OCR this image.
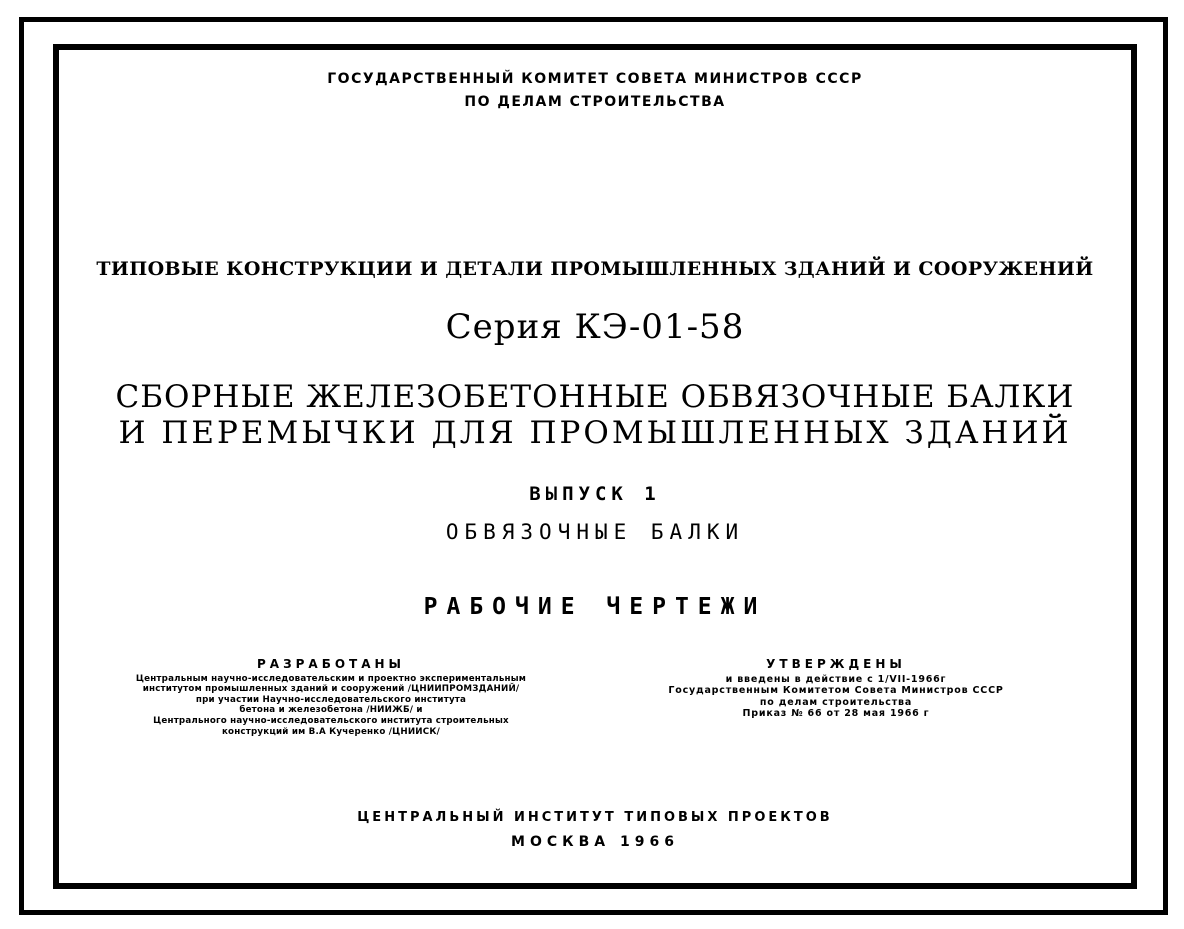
ГОСУДАРСТВЕННЫЙ КОМИТЕТ СОВЕТА МИНИСТРОВ СССР
ПО ДЕЛАМ СТРОИТЕЛЬСТВА
ТИПОВЫЕ КОНСТРУКЦИИ И ДЕТАЛИ ПРОМЫШЛЕННЫХ ЗДАНИЙ И СООРУЖЕНИЙ
Серия КЭ-01-58
СБОРНЫЕ ЖЕЛЕЗОБЕТОННЫЕ ОБВЯЗОЧНЫЕ БАЛКИ
И ПЕРЕМЫЧКИ ДЛЯ ПРОМЫШЛЕННЫХ ЗДАНИЙ
ВЫПУСК 1
ОБВЯЗОЧНЫЕ БАЛКИ
РАБОЧИЕ ЧЕРТЕЖИ
РАЗРАБОТАНЫ
Центральным научно-исследовательским и проектно экспериментальным
институтом промышленных зданий и сооружений /ЦНИИПРОМЗДАНИЙ/
при участии Научно-исследовательского института
бетона и железобетона /НИИЖБ/ и
Центрального научно-исследовательского института строительных
конструкций им В.А Кучеренко /ЦНИИСК/
УТВЕРЖДЕНЫ
и введены в действие с 1/VII-1966г
Государственным Комитетом Совета Министров СССР
по делам строительства
Приказ № 66 от 28 мая 1966 г
ЦЕНТРАЛЬНЫЙ ИНСТИТУТ ТИПОВЫХ ПРОЕКТОВ
МОСКВА 1966
